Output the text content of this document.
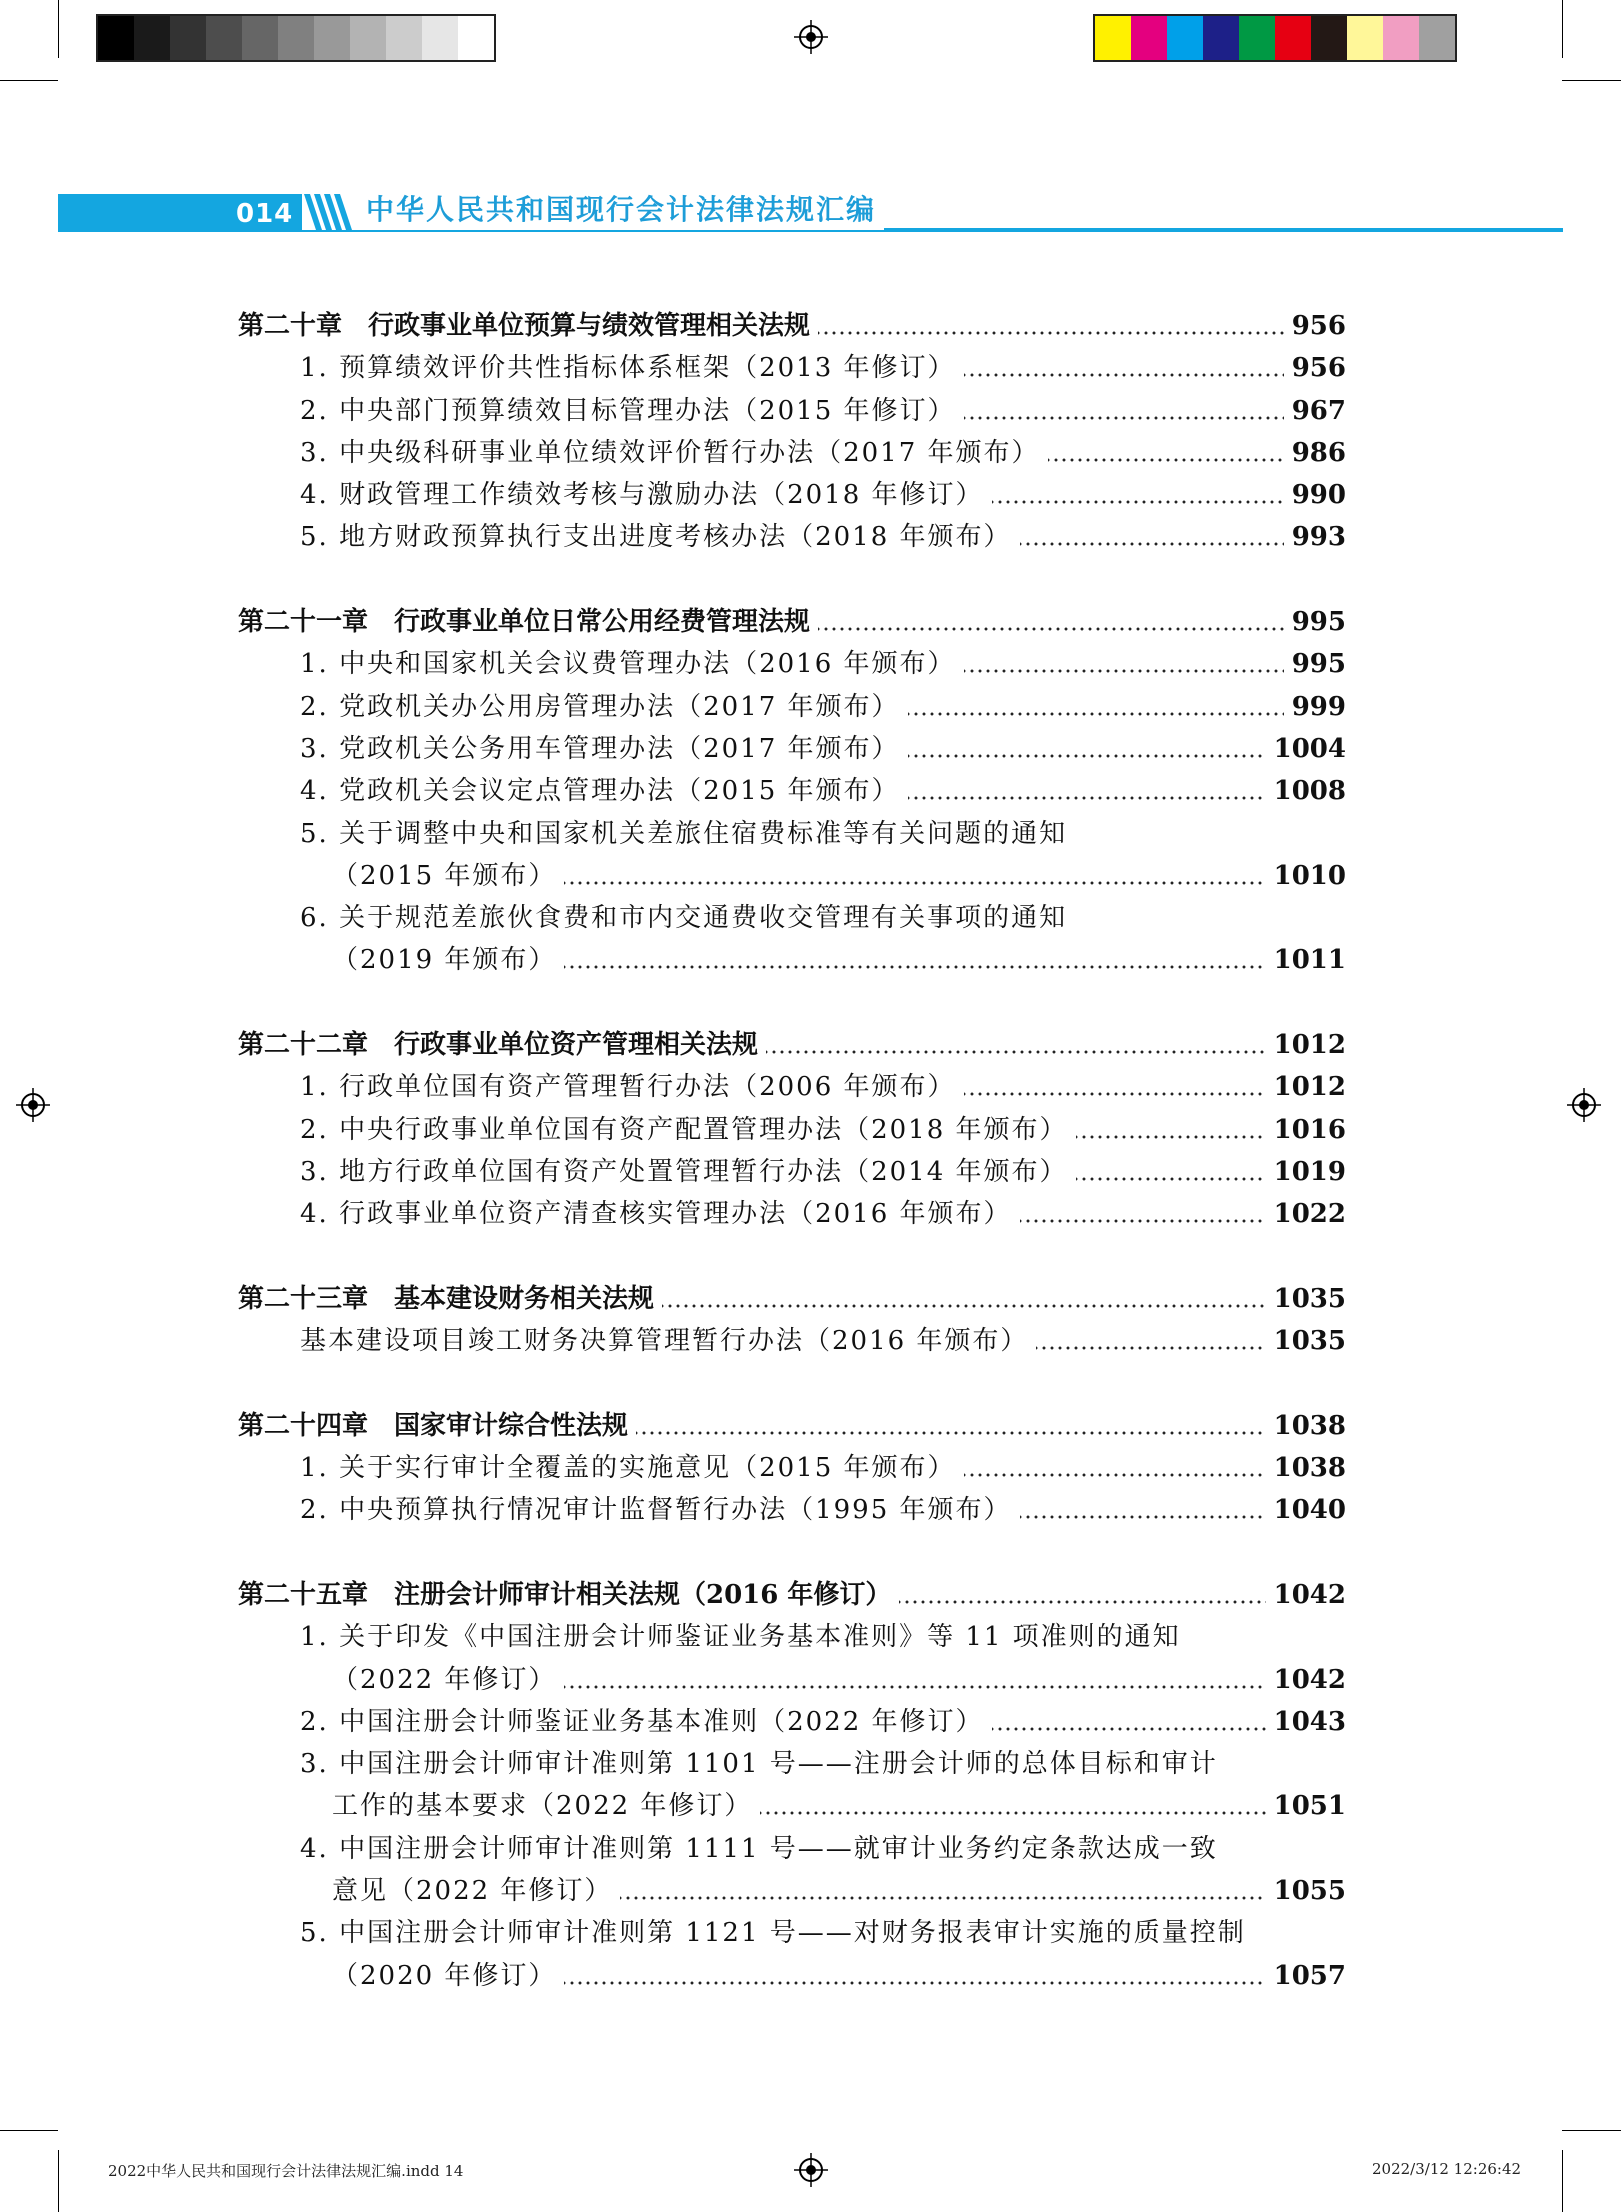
014	中华人民共和国现行会计法律法规汇编
第二十章　行政事业单位预算与绩效管理相关法规	956
1. 预算绩效评价共性指标体系框架（2013 年修订）	956
2. 中央部门预算绩效目标管理办法（2015 年修订）	967
3. 中央级科研事业单位绩效评价暂行办法（2017 年颁布）	986
4. 财政管理工作绩效考核与激励办法（2018 年修订）	990
5. 地方财政预算执行支出进度考核办法（2018 年颁布）	993
第二十一章　行政事业单位日常公用经费管理法规	995
1. 中央和国家机关会议费管理办法（2016 年颁布）	995
2. 党政机关办公用房管理办法（2017 年颁布）	999
3. 党政机关公务用车管理办法（2017 年颁布）	1004
4. 党政机关会议定点管理办法（2015 年颁布）	1008
5. 关于调整中央和国家机关差旅住宿费标准等有关问题的通知
（2015 年颁布）	1010
6. 关于规范差旅伙食费和市内交通费收交管理有关事项的通知
（2019 年颁布）	1011
第二十二章　行政事业单位资产管理相关法规	1012
1. 行政单位国有资产管理暂行办法（2006 年颁布）	1012
2. 中央行政事业单位国有资产配置管理办法（2018 年颁布）	1016
3. 地方行政单位国有资产处置管理暂行办法（2014 年颁布）	1019
4. 行政事业单位资产清查核实管理办法（2016 年颁布）	1022
第二十三章　基本建设财务相关法规	1035
基本建设项目竣工财务决算管理暂行办法（2016 年颁布）	1035
第二十四章　国家审计综合性法规	1038
1. 关于实行审计全覆盖的实施意见（2015 年颁布）	1038
2. 中央预算执行情况审计监督暂行办法（1995 年颁布）	1040
第二十五章　注册会计师审计相关法规（2016 年修订）	1042
1. 关于印发《中国注册会计师鉴证业务基本准则》等 11 项准则的通知
（2022 年修订）	1042
2. 中国注册会计师鉴证业务基本准则（2022 年修订）	1043
3. 中国注册会计师审计准则第 1101 号——注册会计师的总体目标和审计
工作的基本要求（2022 年修订）	1051
4. 中国注册会计师审计准则第 1111 号——就审计业务约定条款达成一致
意见（2022 年修订）	1055
5. 中国注册会计师审计准则第 1121 号——对财务报表审计实施的质量控制
（2020 年修订）	1057
2022中华人民共和国现行会计法律法规汇编.indd 14	2022/3/12 12:26:42
